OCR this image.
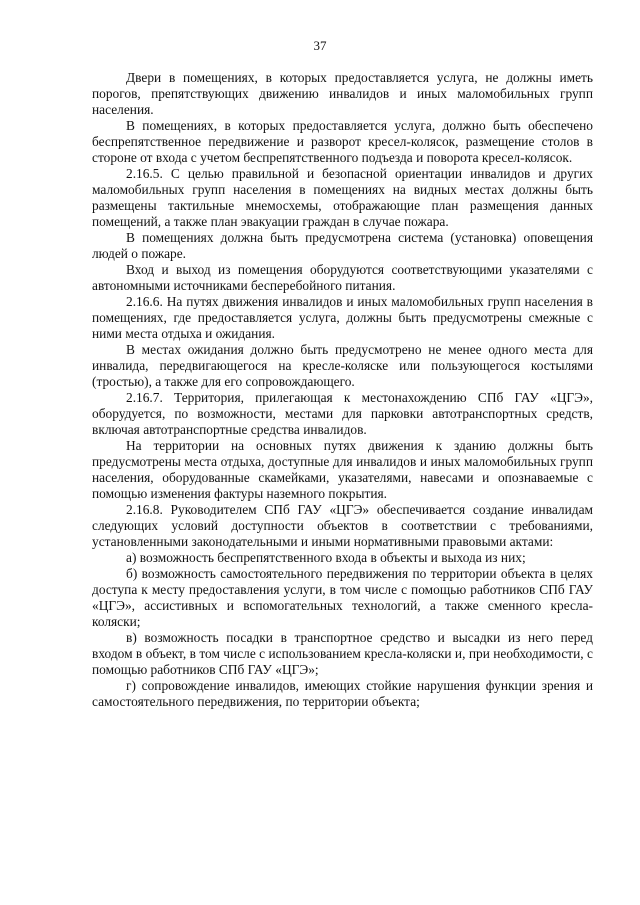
37

Двери в помещениях, в которых предоставляется услуга, не должны иметь порогов, препятствующих движению инвалидов и иных маломобильных групп населения.

В помещениях, в которых предоставляется услуга, должно быть обеспечено беспрепятственное передвижение и разворот кресел-колясок, размещение столов в стороне от входа с учетом беспрепятственного подъезда и поворота кресел-колясок.

2.16.5. С целью правильной и безопасной ориентации инвалидов и других маломобильных групп населения в помещениях на видных местах должны быть размещены тактильные мнемосхемы, отображающие план размещения данных помещений, а также план эвакуации граждан в случае пожара.

В помещениях должна быть предусмотрена система (установка) оповещения людей о пожаре.

Вход и выход из помещения оборудуются соответствующими указателями с автономными источниками бесперебойного питания.

2.16.6. На путях движения инвалидов и иных маломобильных групп населения в помещениях, где предоставляется услуга, должны быть предусмотрены смежные с ними места отдыха и ожидания.

В местах ожидания должно быть предусмотрено не менее одного места для инвалида, передвигающегося на кресле-коляске или пользующегося костылями (тростью), а также для его сопровождающего.

2.16.7. Территория, прилегающая к местонахождению СПб ГАУ «ЦГЭ», оборудуется, по возможности, местами для парковки автотранспортных средств, включая автотранспортные средства инвалидов.

На территории на основных путях движения к зданию должны быть предусмотрены места отдыха, доступные для инвалидов и иных маломобильных групп населения, оборудованные скамейками, указателями, навесами и опознаваемые с помощью изменения фактуры наземного покрытия.

2.16.8. Руководителем СПб ГАУ «ЦГЭ» обеспечивается создание инвалидам следующих условий доступности объектов в соответствии с требованиями, установленными законодательными и иными нормативными правовыми актами:

а) возможность беспрепятственного входа в объекты и выхода из них;

б) возможность самостоятельного передвижения по территории объекта в целях доступа к месту предоставления услуги, в том числе с помощью работников СПб ГАУ «ЦГЭ», ассистивных и вспомогательных технологий, а также сменного кресла-коляски;

в) возможность посадки в транспортное средство и высадки из него перед входом в объект, в том числе с использованием кресла-коляски и, при необходимости, с помощью работников СПб ГАУ «ЦГЭ»;

г) сопровождение инвалидов, имеющих стойкие нарушения функции зрения и самостоятельного передвижения, по территории объекта;
